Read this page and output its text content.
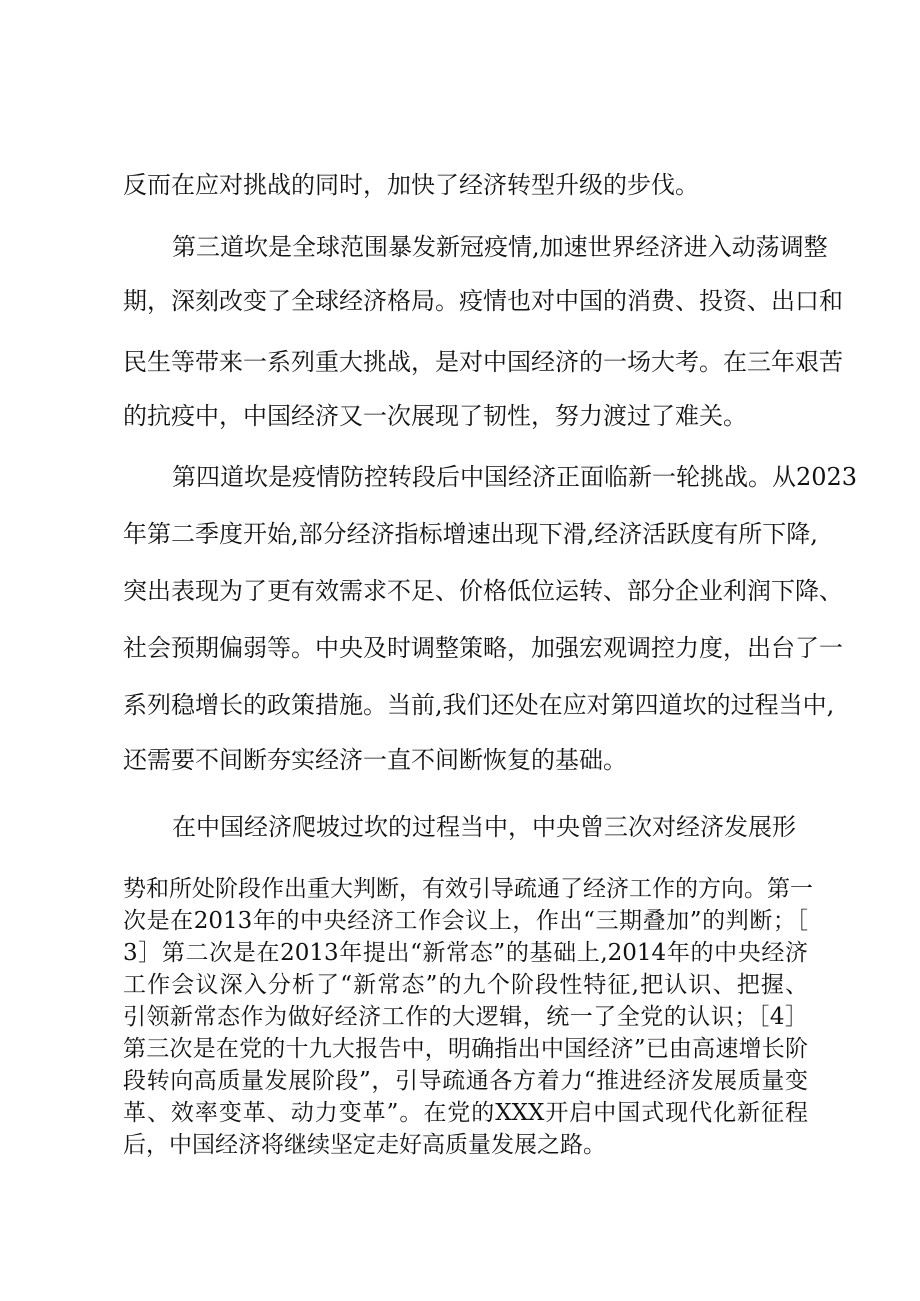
反而在应对挑战的同时，加快了经济转型升级的步伐。
第三道坎是全球范围暴发新冠疫情,加速世界经济进入动荡调整
期，深刻改变了全球经济格局。疫情也对中国的消费、投资、出口和
民生等带来一系列重大挑战，是对中国经济的一场大考。在三年艰苦
的抗疫中，中国经济又一次展现了韧性，努力渡过了难关。
第四道坎是疫情防控转段后中国经济正面临新一轮挑战。从2023
年第二季度开始,部分经济指标增速出现下滑,经济活跃度有所下降,
突出表现为了更有效需求不足、价格低位运转、部分企业利润下降、
社会预期偏弱等。中央及时调整策略，加强宏观调控力度，出台了一
系列稳增长的政策措施。当前,我们还处在应对第四道坎的过程当中,
还需要不间断夯实经济一直不间断恢复的基础。
在中国经济爬坡过坎的过程当中，中央曾三次对经济发展形
势和所处阶段作出重大判断，有效引导疏通了经济工作的方向。第一
次是在2013年的中央经济工作会议上，作出“三期叠加”的判断；［
3］第二次是在2013年提出“新常态”的基础上,2014年的中央经济
工作会议深入分析了“新常态”的九个阶段性特征,把认识、把握、
引领新常态作为做好经济工作的大逻辑，统一了全党的认识；［4］
第三次是在党的十九大报告中，明确指出中国经济”已由高速增长阶
段转向高质量发展阶段”，引导疏通各方着力“推进经济发展质量变
革、效率变革、动力变革”。在党的XXX开启中国式现代化新征程
后，中国经济将继续坚定走好高质量发展之路。
